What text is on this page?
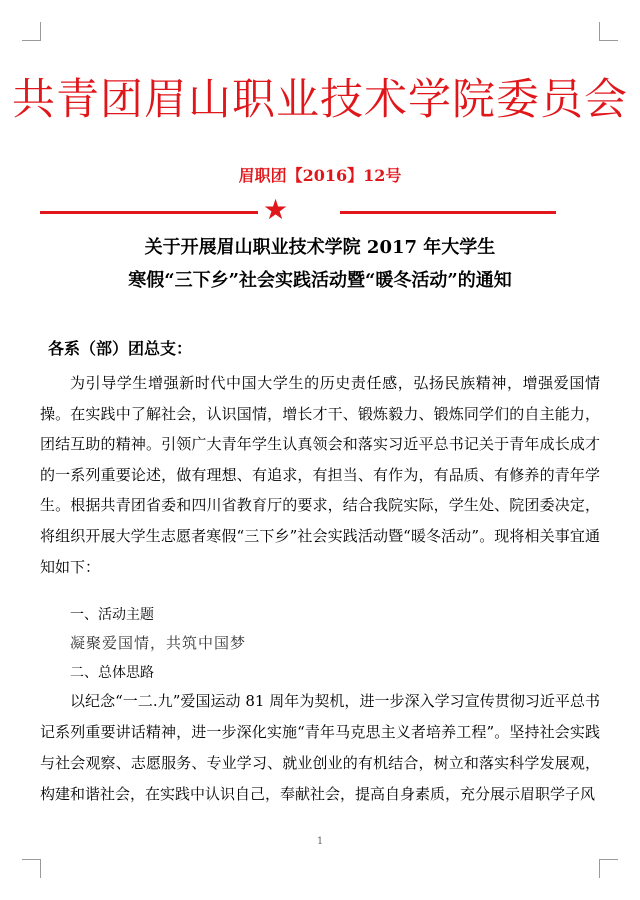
共青团眉山职业技术学院委员会
眉职团【2016】12号
★
关于开展眉山职业技术学院 2017 年大学生
寒假“三下乡”社会实践活动暨“暖冬活动”的通知
各系（部）团总支：
为引导学生增强新时代中国大学生的历史责任感，弘扬民族精神，增强爱国情操。在实践中了解社会，认识国情，增长才干、锻炼毅力、锻炼同学们的自主能力，团结互助的精神。引领广大青年学生认真领会和落实习近平总书记关于青年成长成才的一系列重要论述，做有理想、有追求，有担当、有作为，有品质、有修养的青年学生。根据共青团省委和四川省教育厅的要求，结合我院实际，学生处、院团委决定，将组织开展大学生志愿者寒假“三下乡”社会实践活动暨“暖冬活动”。现将相关事宜通知如下：
一、活动主题
凝聚爱国情，共筑中国梦
二、总体思路
以纪念“一二.九”爱国运动 81 周年为契机，进一步深入学习宣传贯彻习近平总书记系列重要讲话精神，进一步深化实施“青年马克思主义者培养工程”。坚持社会实践与社会观察、志愿服务、专业学习、就业创业的有机结合，树立和落实科学发展观，构建和谐社会，在实践中认识自己，奉献社会，提高自身素质，充分展示眉职学子风
1
